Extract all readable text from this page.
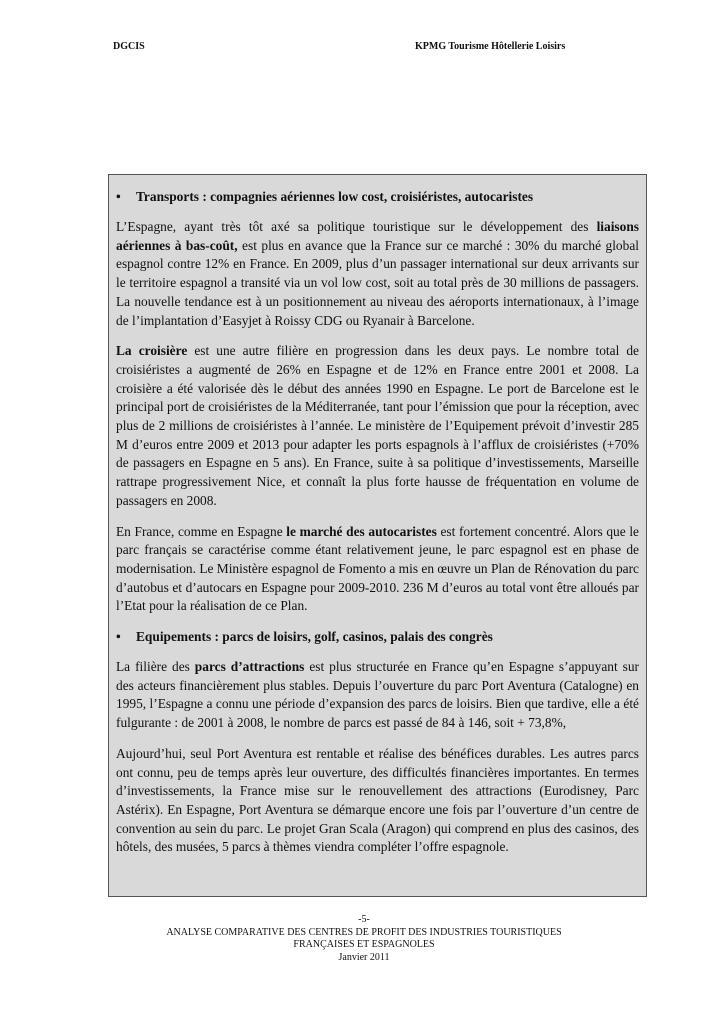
DGCIS	KPMG Tourisme Hôtellerie Loisirs
• Transports : compagnies aériennes low cost, croisiéristes, autocaristes

L’Espagne, ayant très tôt axé sa politique touristique sur le développement des liaisons aériennes à bas-coût, est plus en avance que la France sur ce marché : 30% du marché global espagnol contre 12% en France. En 2009, plus d’un passager international sur deux arrivants sur le territoire espagnol a transité via un vol low cost, soit au total près de 30 millions de passagers. La nouvelle tendance est à un positionnement au niveau des aéroports internationaux, à l’image de l’implantation d’Easyjet à Roissy CDG ou Ryanair à Barcelone.

La croisière est une autre filière en progression dans les deux pays. Le nombre total de croisiéristes a augmenté de 26% en Espagne et de 12% en France entre 2001 et 2008. La croisière a été valorisée dès le début des années 1990 en Espagne. Le port de Barcelone est le principal port de croisiéristes de la Méditerranée, tant pour l’émission que pour la réception, avec plus de 2 millions de croisiéristes à l’année. Le ministère de l’Equipement prévoit d’investir 285 M d’euros entre 2009 et 2013 pour adapter les ports espagnols à l’afflux de croisiéristes (+70% de passagers en Espagne en 5 ans). En France, suite à sa politique d’investissements, Marseille rattrape progressivement Nice, et connaît la plus forte hausse de fréquentation en volume de passagers en 2008.

En France, comme en Espagne le marché des autocaristes est fortement concentré. Alors que le parc français se caractérise comme étant relativement jeune, le parc espagnol est en phase de modernisation. Le Ministère espagnol de Fomento a mis en œuvre un Plan de Rénovation du parc d’autobus et d’autocars en Espagne pour 2009-2010. 236 M d’euros au total vont être alloués par l’Etat pour la réalisation de ce Plan.

• Equipements : parcs de loisirs, golf, casinos, palais des congrès

La filière des parcs d’attractions est plus structurée en France qu’en Espagne s’appuyant sur des acteurs financièrement plus stables. Depuis l’ouverture du parc Port Aventura (Catalogne) en 1995, l’Espagne a connu une période d’expansion des parcs de loisirs. Bien que tardive, elle a été fulgurante : de 2001 à 2008, le nombre de parcs est passé de 84 à 146, soit + 73,8%,

Aujourd’hui, seul Port Aventura est rentable et réalise des bénéfices durables. Les autres parcs ont connu, peu de temps après leur ouverture, des difficultés financières importantes. En termes d’investissements, la France mise sur le renouvellement des attractions (Eurodisney, Parc Astérix). En Espagne, Port Aventura se démarque encore une fois par l’ouverture d’un centre de convention au sein du parc. Le projet Gran Scala (Aragon) qui comprend en plus des casinos, des hôtels, des musées, 5 parcs à thèmes viendra compléter l’offre espagnole.

-5-
ANALYSE COMPARATIVE DES CENTRES DE PROFIT DES INDUSTRIES TOURISTIQUES
FRANÇAISES ET ESPAGNOLES
Janvier 2011
